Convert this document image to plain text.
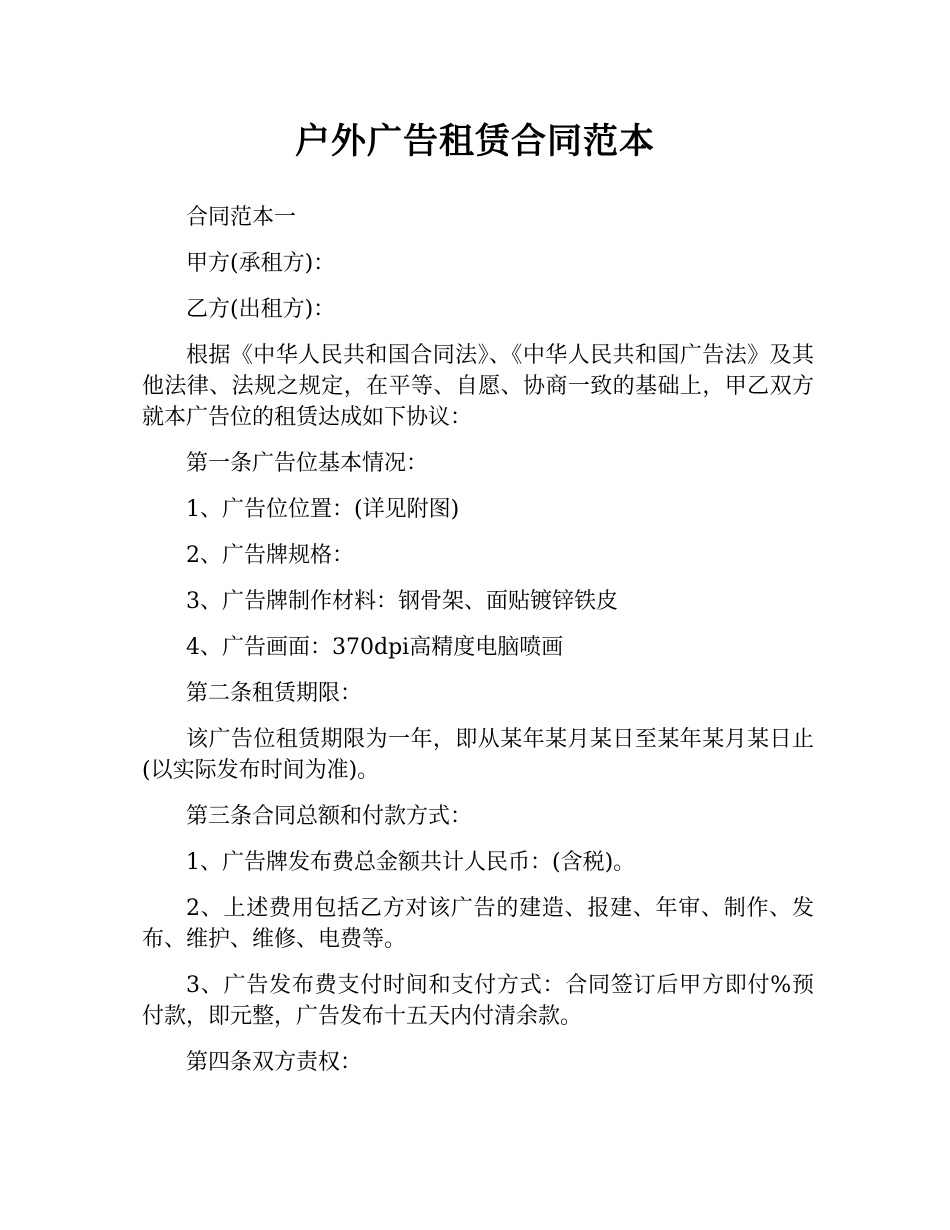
户外广告租赁合同范本

合同范本一

甲方(承租方)：

乙方(出租方)：

根据《中华人民共和国合同法》、《中华人民共和国广告法》及其他法律、法规之规定，在平等、自愿、协商一致的基础上，甲乙双方就本广告位的租赁达成如下协议：

第一条广告位基本情况：

1、广告位位置：(详见附图)

2、广告牌规格：

3、广告牌制作材料：钢骨架、面贴镀锌铁皮

4、广告画面：370dpi高精度电脑喷画

第二条租赁期限：

该广告位租赁期限为一年，即从某年某月某日至某年某月某日止(以实际发布时间为准)。

第三条合同总额和付款方式：

1、广告牌发布费总金额共计人民币：(含税)。

2、上述费用包括乙方对该广告的建造、报建、年审、制作、发布、维护、维修、电费等。

3、广告发布费支付时间和支付方式：合同签订后甲方即付%预付款，即元整，广告发布十五天内付清余款。

第四条双方责权：
